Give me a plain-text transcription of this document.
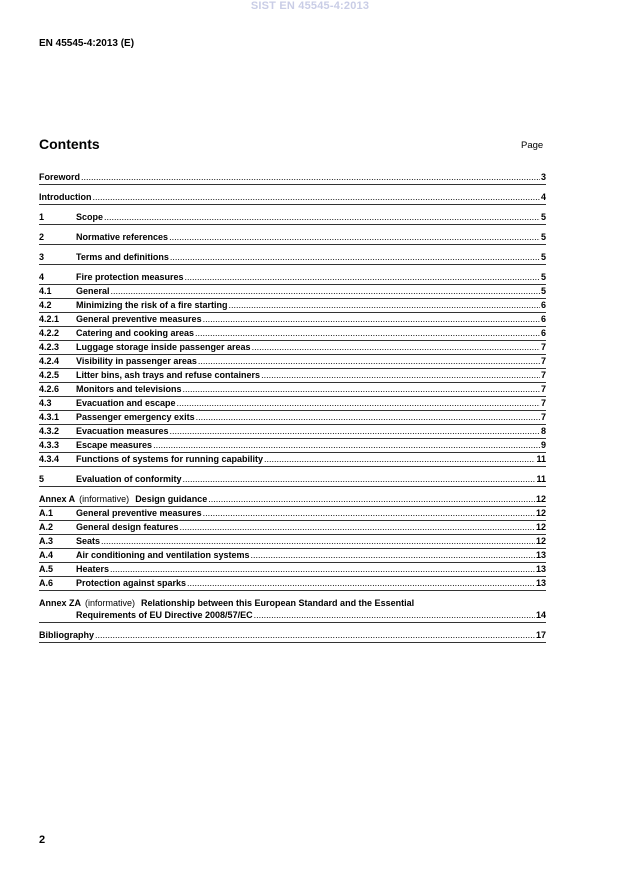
SIST EN 45545-4:2013
EN 45545-4:2013 (E)
Contents	Page
Foreword .....	3
Introduction .....	4
1	Scope .....	5
2	Normative references .....	5
3	Terms and definitions .....	5
4	Fire protection measures .....	5
4.1	General .....	5
4.2	Minimizing the risk of a fire starting .....	6
4.2.1	General preventive measures .....	6
4.2.2	Catering and cooking areas .....	6
4.2.3	Luggage storage inside passenger areas .....	7
4.2.4	Visibility in passenger areas .....	7
4.2.5	Litter bins, ash trays and refuse containers .....	7
4.2.6	Monitors and televisions .....	7
4.3	Evacuation and escape .....	7
4.3.1	Passenger emergency exits .....	7
4.3.2	Evacuation measures .....	8
4.3.3	Escape measures .....	9
4.3.4	Functions of systems for running capability .....	11
5	Evaluation of conformity .....	11
Annex A (informative) Design guidance .....	12
A.1	General preventive measures .....	12
A.2	General design features .....	12
A.3	Seats .....	12
A.4	Air conditioning and ventilation systems .....	13
A.5	Heaters .....	13
A.6	Protection against sparks .....	13
Annex ZA (informative) Relationship between this European Standard and the Essential
Requirements of EU Directive 2008/57/EC .....	14
Bibliography .....	17
2
